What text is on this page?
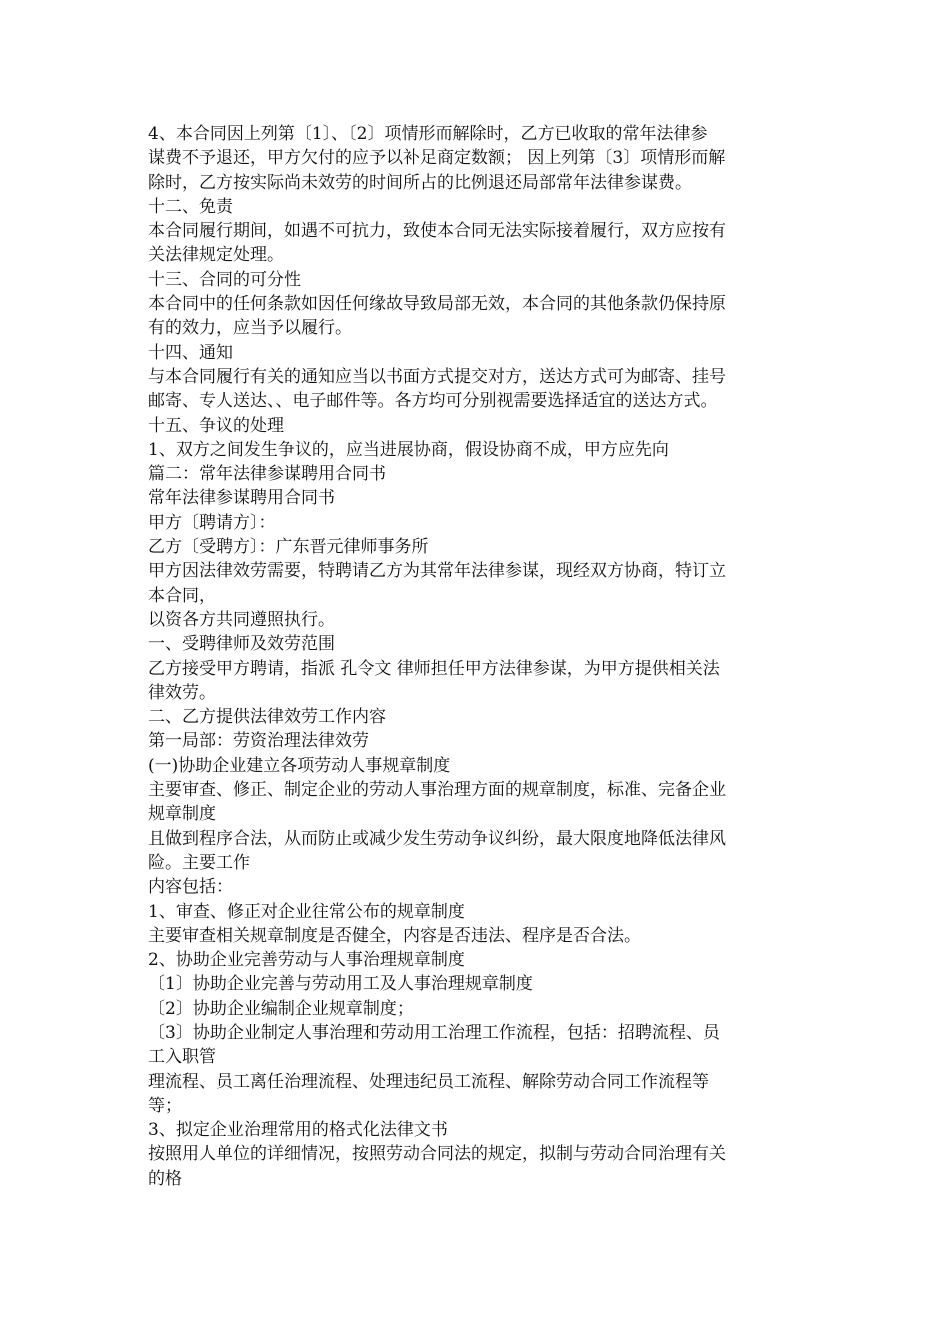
4、本合同因上列第〔1〕、〔2〕项情形而解除时，乙方已收取的常年法律参
谋费不予退还，甲方欠付的应予以补足商定数额； 因上列第〔3〕项情形而解
除时，乙方按实际尚未效劳的时间所占的比例退还局部常年法律参谋费。
十二、免责
本合同履行期间，如遇不可抗力，致使本合同无法实际接着履行，双方应按有
关法律规定处理。
十三、合同的可分性
本合同中的任何条款如因任何缘故导致局部无效，本合同的其他条款仍保持原
有的效力，应当予以履行。
十四、通知
与本合同履行有关的通知应当以书面方式提交对方，送达方式可为邮寄、挂号
邮寄、专人送达、、电子邮件等。各方均可分别视需要选择适宜的送达方式。
十五、争议的处理
1、双方之间发生争议的，应当进展协商，假设协商不成，甲方应先向
篇二：常年法律参谋聘用合同书
常年法律参谋聘用合同书
甲方〔聘请方〕：
乙方〔受聘方〕：广东晋元律师事务所
甲方因法律效劳需要，特聘请乙方为其常年法律参谋，现经双方协商，特订立
本合同，
以资各方共同遵照执行。
一、受聘律师及效劳范围
乙方接受甲方聘请，指派 孔令文 律师担任甲方法律参谋，为甲方提供相关法
律效劳。
二、乙方提供法律效劳工作内容
第一局部：劳资治理法律效劳
(一)协助企业建立各项劳动人事规章制度
主要审查、修正、制定企业的劳动人事治理方面的规章制度，标准、完备企业
规章制度
且做到程序合法，从而防止或减少发生劳动争议纠纷，最大限度地降低法律风
险。主要工作
内容包括：
1、审查、修正对企业往常公布的规章制度
主要审查相关规章制度是否健全，内容是否违法、程序是否合法。
2、协助企业完善劳动与人事治理规章制度
〔1〕协助企业完善与劳动用工及人事治理规章制度
〔2〕协助企业编制企业规章制度；
〔3〕协助企业制定人事治理和劳动用工治理工作流程，包括：招聘流程、员
工入职管
理流程、员工离任治理流程、处理违纪员工流程、解除劳动合同工作流程等
等；
3、拟定企业治理常用的格式化法律文书
按照用人单位的详细情况，按照劳动合同法的规定，拟制与劳动合同治理有关
的格
